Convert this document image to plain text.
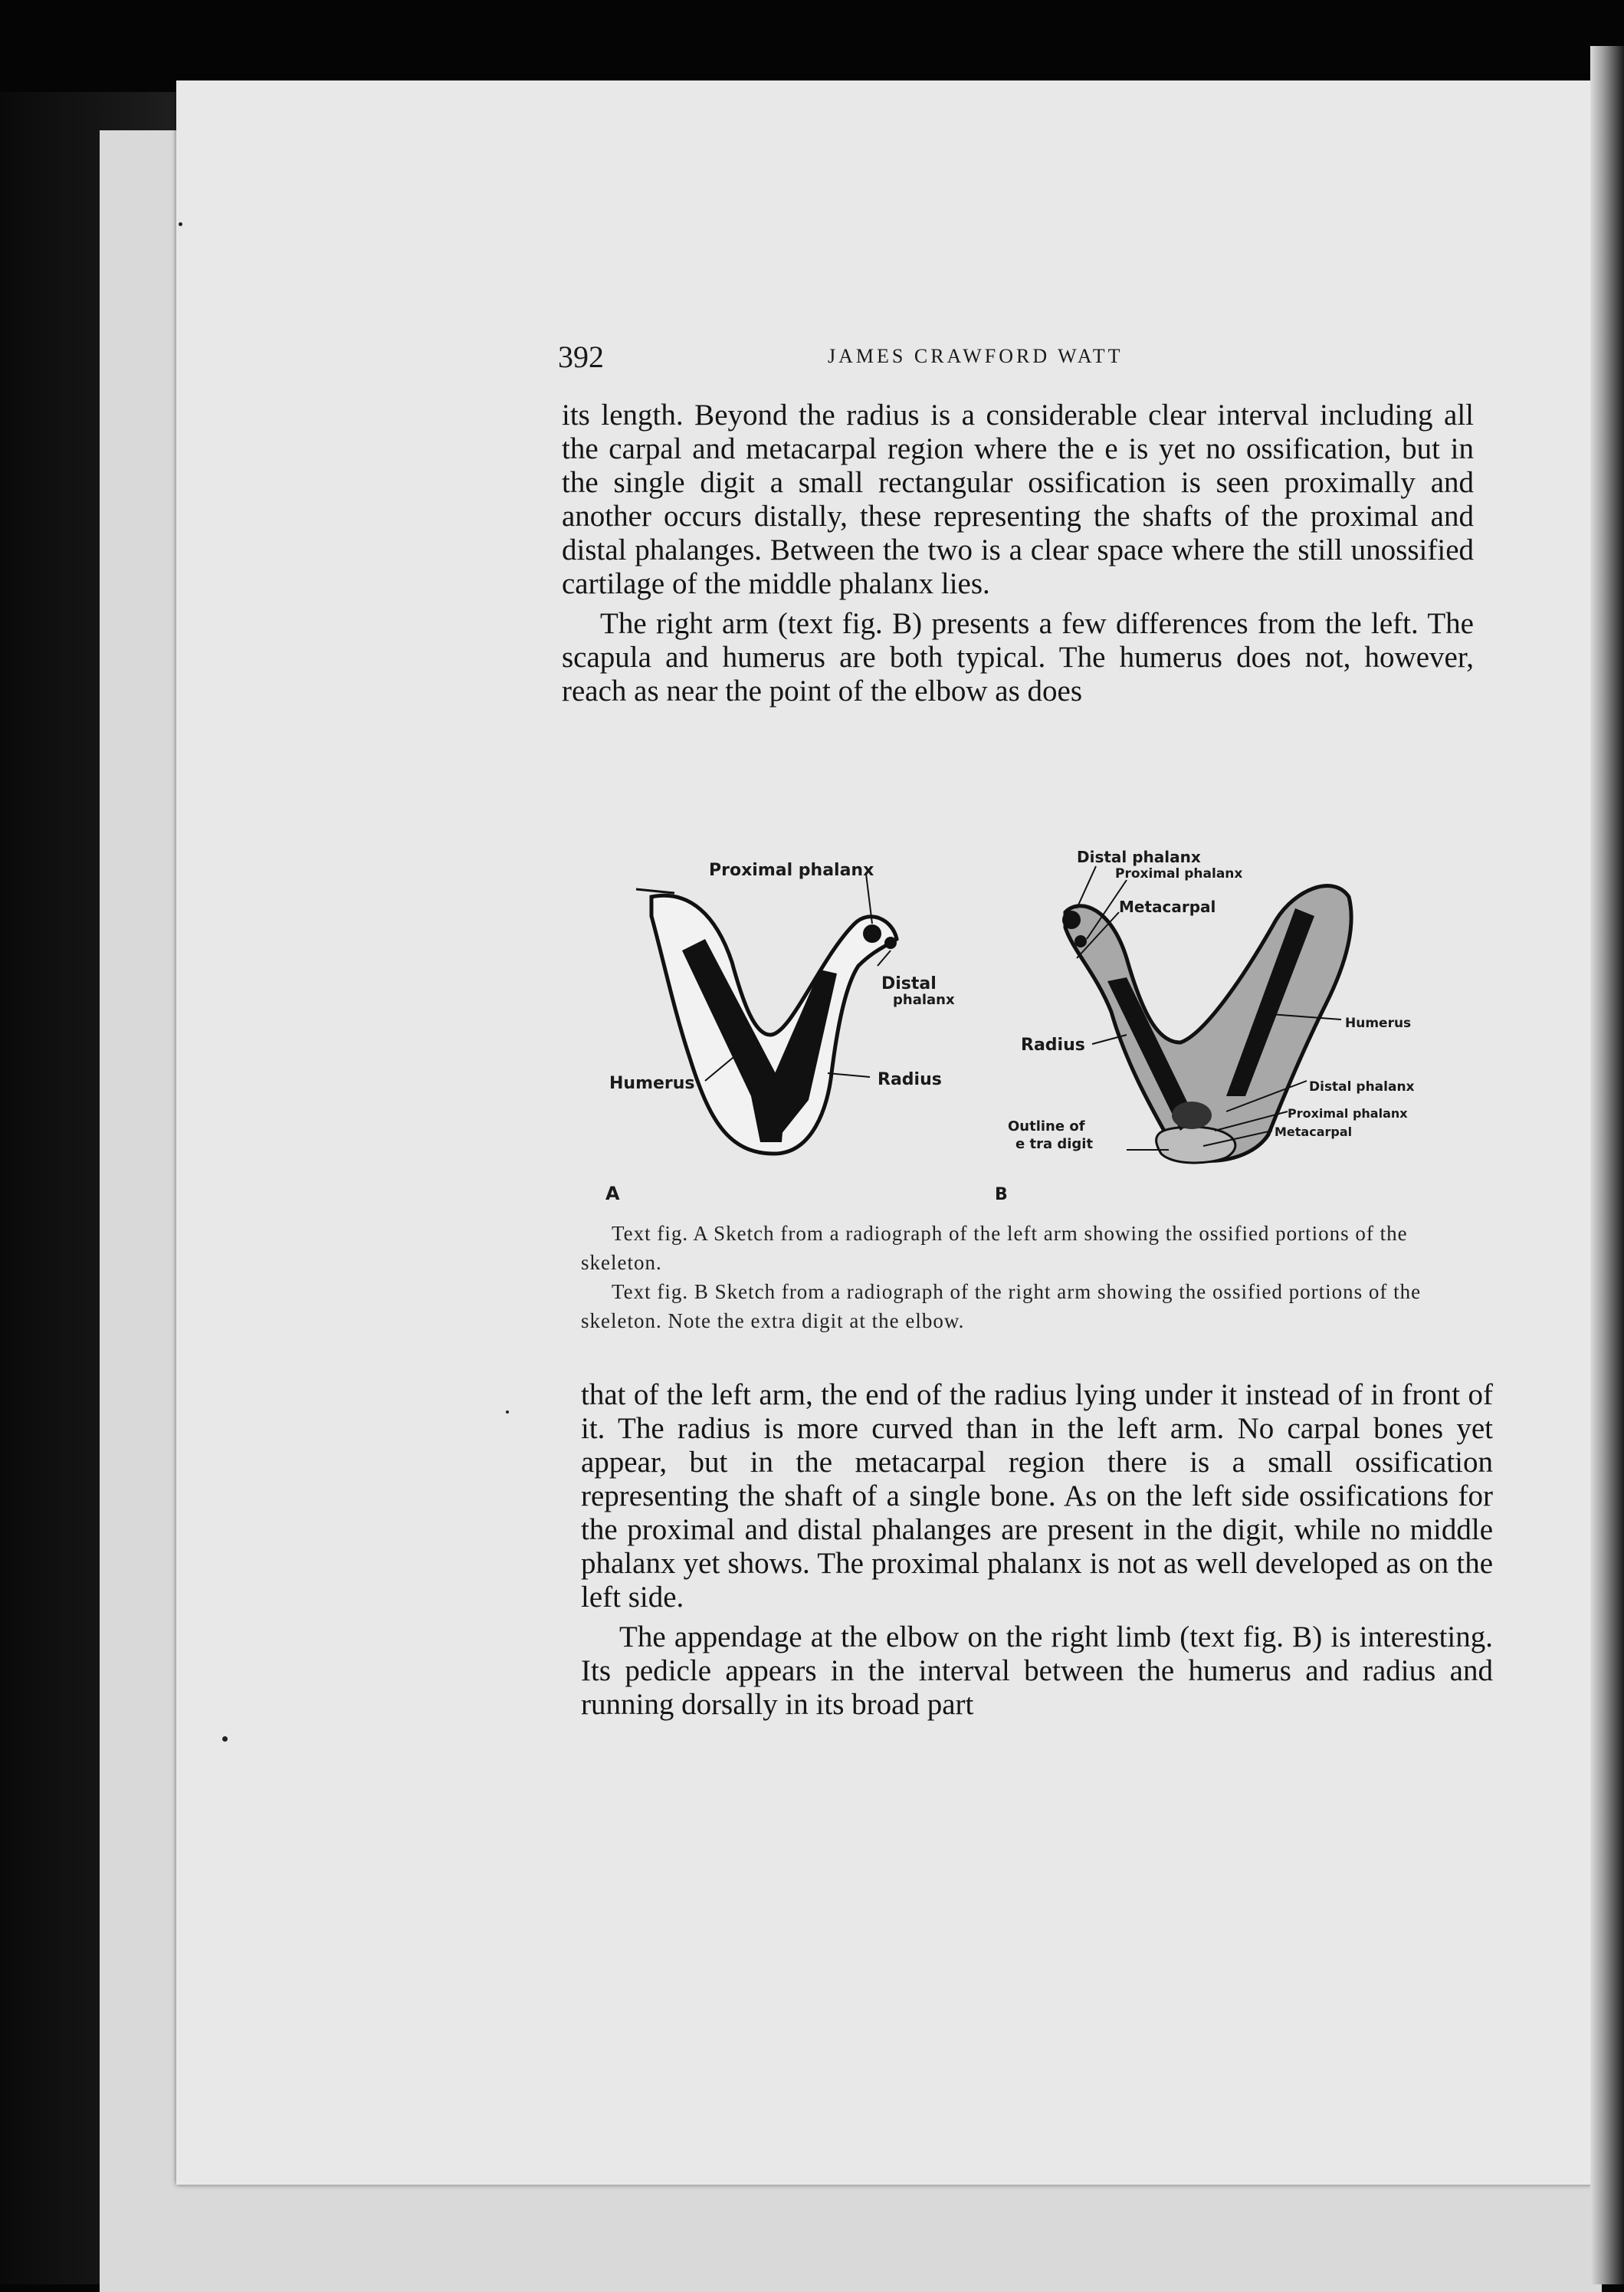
392	JAMES CRAWFORD WATT

its length. Beyond the radius is a considerable clear interval including all the carpal and metacarpal region where the e is yet no ossification, but in the single digit a small rectangular ossification is seen proximally and another occurs distally, these representing the shafts of the proximal and distal phalanges. Between the two is a clear space where the still unossified cartilage of the middle phalanx lies.

The right arm (text fig. B) presents a few differences from the left. The scapula and humerus are both typical. The humerus does not, however, reach as near the point of the elbow as does

Proximal phalanx
Distal
phalanx
Humerus	Radius
A
Distal phalanx
Proximal phalanx
Metacarpal
Radius
Humerus
Distal phalanx
Proximal phalanx
Metacarpal
Outline of
e tra digit
B

Text fig. A Sketch from a radiograph of the left arm showing the ossified portions of the skeleton.

Text fig. B Sketch from a radiograph of the right arm showing the ossified portions of the skeleton. Note the extra digit at the elbow.

that of the left arm, the end of the radius lying under it instead of in front of it. The radius is more curved than in the left arm. No carpal bones yet appear, but in the metacarpal region there is a small ossification representing the shaft of a single bone. As on the left side ossifications for the proximal and distal phalanges are present in the digit, while no middle phalanx yet shows. The proximal phalanx is not as well developed as on the left side.

The appendage at the elbow on the right limb (text fig. B) is interesting. Its pedicle appears in the interval between the humerus and radius and running dorsally in its broad part
